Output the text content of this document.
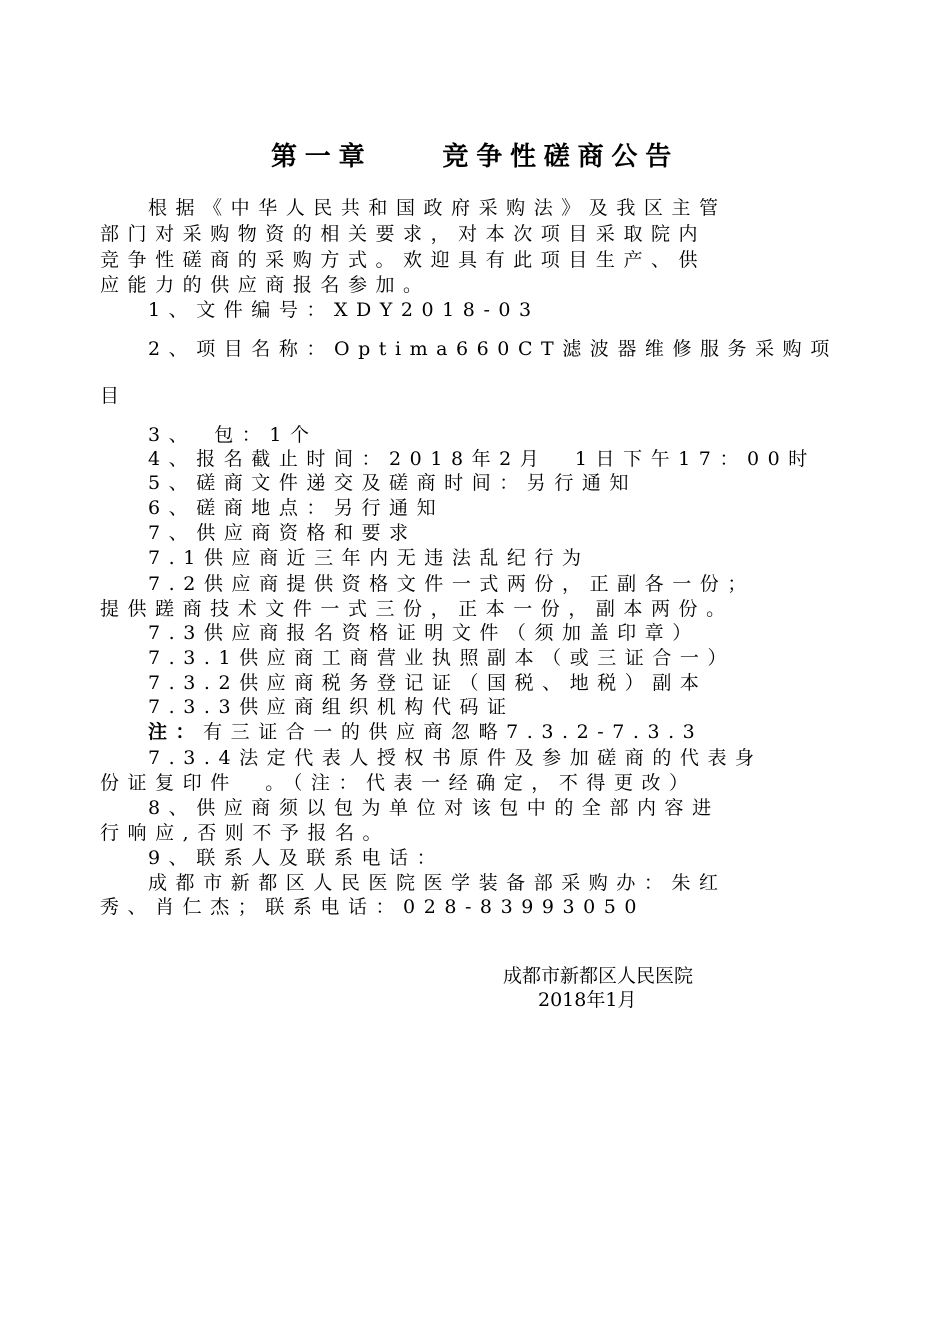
第一章	竞争性磋商公告
根据《中华人民共和国政府采购法》及我区主管
部门对采购物资的相关要求，对本次项目采取院内
竞争性磋商的采购方式。欢迎具有此项目生产、供
应能力的供应商报名参加。
1、文件编号：XDY2018-03
2、项目名称：Optima660CT滤波器维修服务采购项
目
3、　包：1个
4、报名截止时间：2018年2月　1日下午17：00时
5、磋商文件递交及磋商时间：另行通知
6、磋商地点：另行通知
7、供应商资格和要求
7.1供应商近三年内无违法乱纪行为
7.2供应商提供资格文件一式两份，正副各一份；
提供蹉商技术文件一式三份，正本一份，副本两份。
7.3供应商报名资格证明文件（须加盖印章）
7.3.1供应商工商营业执照副本（或三证合一）
7.3.2供应商税务登记证（国税、地税）副本
7.3.3供应商组织机构代码证
注：有三证合一的供应商忽略7.3.2-7.3.3
7.3.4法定代表人授权书原件及参加磋商的代表身
份证复印件　。（注：代表一经确定，不得更改）
8、供应商须以包为单位对该包中的全部内容进
行响应,否则不予报名。
9、联系人及联系电话：
成都市新都区人民医院医学装备部采购办：朱红
秀、肖仁杰；联系电话：028-83993050
成都市新都区人民医院
2018年1月
